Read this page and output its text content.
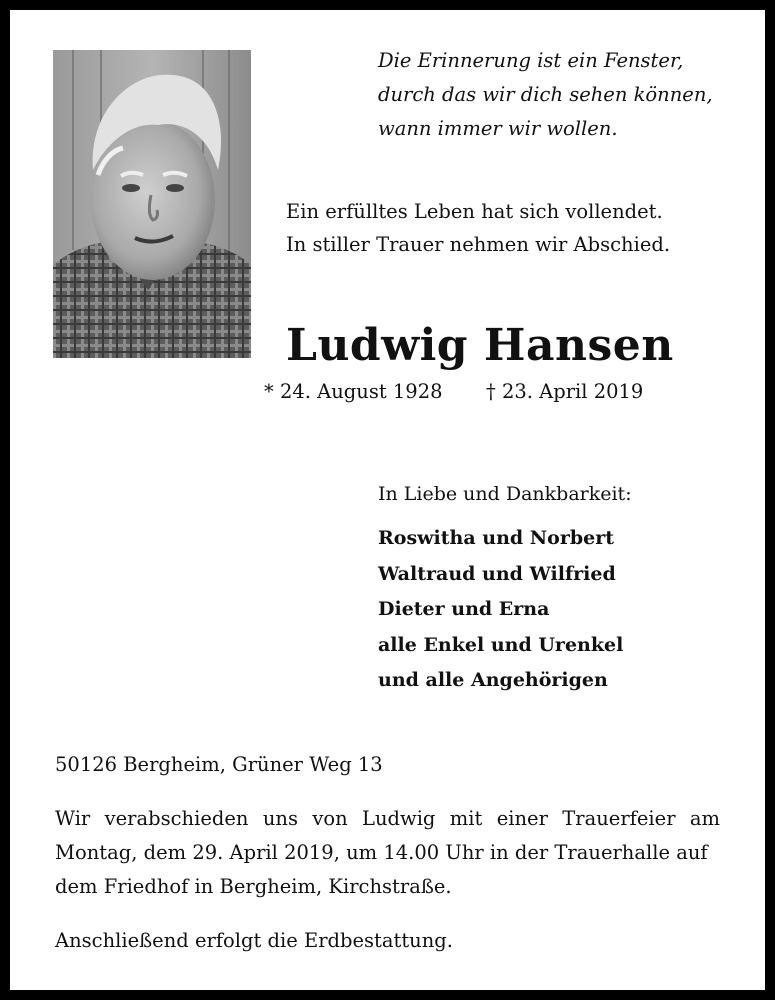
Die Erinnerung ist ein Fenster,
durch das wir dich sehen können,
wann immer wir wollen.
Ein erfülltes Leben hat sich vollendet.
In stiller Trauer nehmen wir Abschied.
Ludwig Hansen
* 24. August 1928 † 23. April 2019
In Liebe und Dankbarkeit:
Roswitha und Norbert
Waltraud und Wilfried
Dieter und Erna
alle Enkel und Urenkel
und alle Angehörigen
50126 Bergheim, Grüner Weg 13
Wir verabschieden uns von Ludwig mit einer Trauerfeier am
Montag, dem 29. April 2019, um 14.00 Uhr in der Trauerhalle auf
dem Friedhof in Bergheim, Kirchstraße.
Anschließend erfolgt die Erdbestattung.
